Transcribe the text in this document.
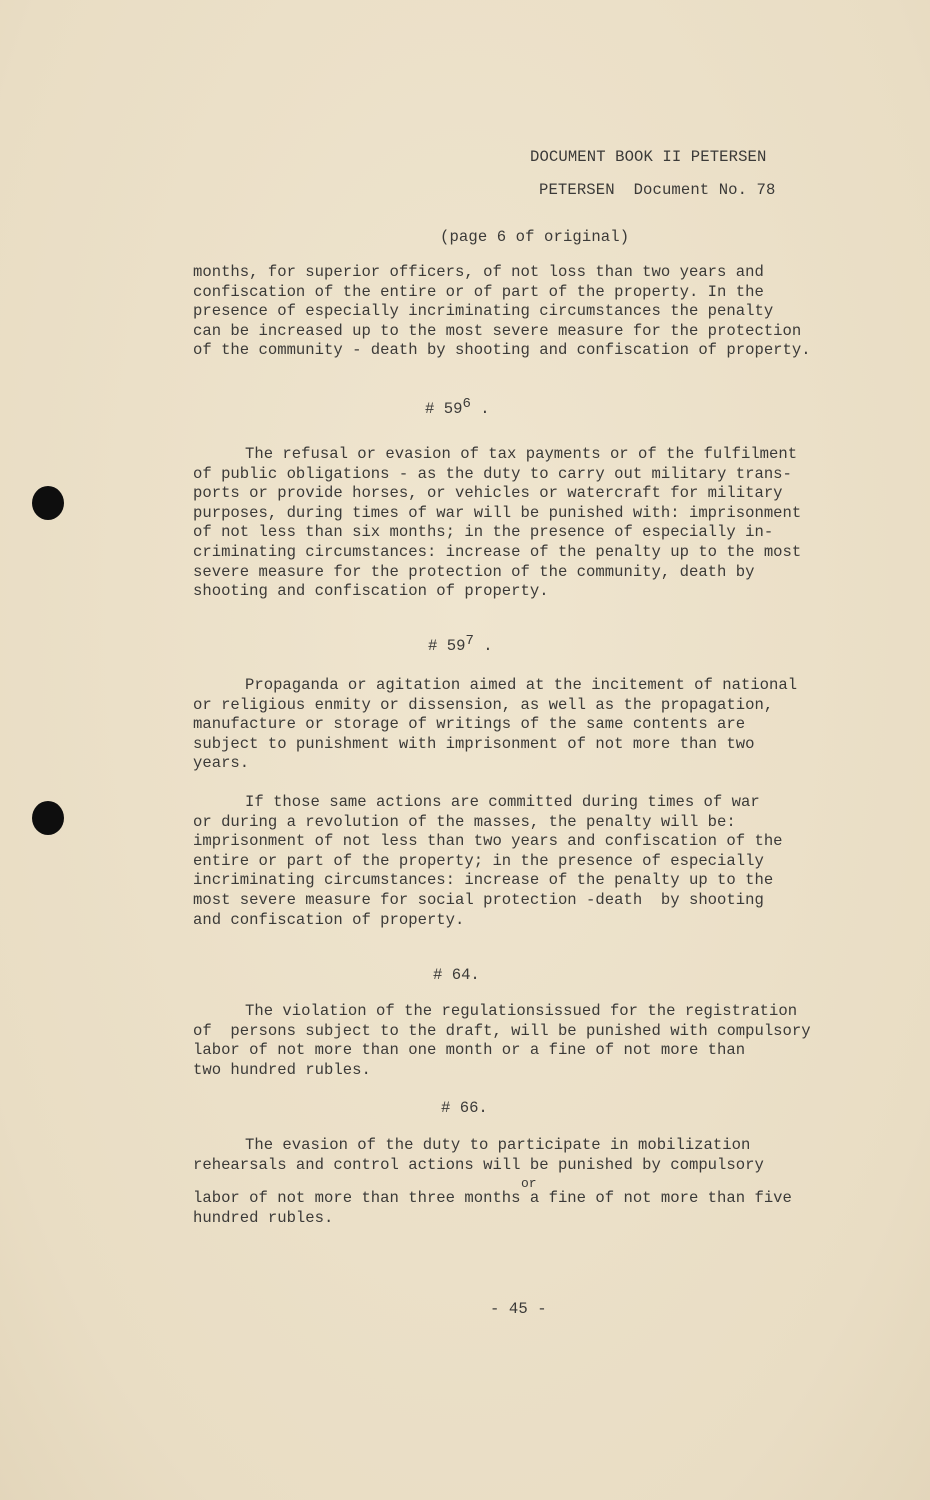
DOCUMENT BOOK II PETERSEN
PETERSEN  Document No. 78
(page 6 of original)
months, for superior officers, of not loss than two years and
confiscation of the entire or of part of the property. In the
presence of especially incriminating circumstances the penalty
can be increased up to the most severe measure for the protection
of the community - death by shooting and confiscation of property.
# $59^6$ .
The refusal or evasion of tax payments or of the fulfilment
of public obligations - as the duty to carry out military trans-
ports or provide horses, or vehicles or watercraft for military
purposes, during times of war will be punished with: imprisonment
of not less than six months; in the presence of especially in-
criminating circumstances: increase of the penalty up to the most
severe measure for the protection of the community, death by
shooting and confiscation of property.
# $59^7$ .
Propaganda or agitation aimed at the incitement of national
or religious enmity or dissension, as well as the propagation,
manufacture or storage of writings of the same contents are
subject to punishment with imprisonment of not more than two
years.
If those same actions are committed during times of war
or during a revolution of the masses, the penalty will be:
imprisonment of not less than two years and confiscation of the
entire or part of the property; in the presence of especially
incriminating circumstances: increase of the penalty up to the
most severe measure for social protection -death  by shooting
and confiscation of property.
# 64.
The violation of the regulationsissued for the registration
of  persons subject to the draft, will be punished with compulsory
labor of not more than one month or a fine of not more than
two hundred rubles.
# 66.
The evasion of the duty to participate in mobilization
rehearsals and control actions will be punished by compulsory
labor of not more than three months a fine of not more than five
hundred rubles.
or
- 45 -
